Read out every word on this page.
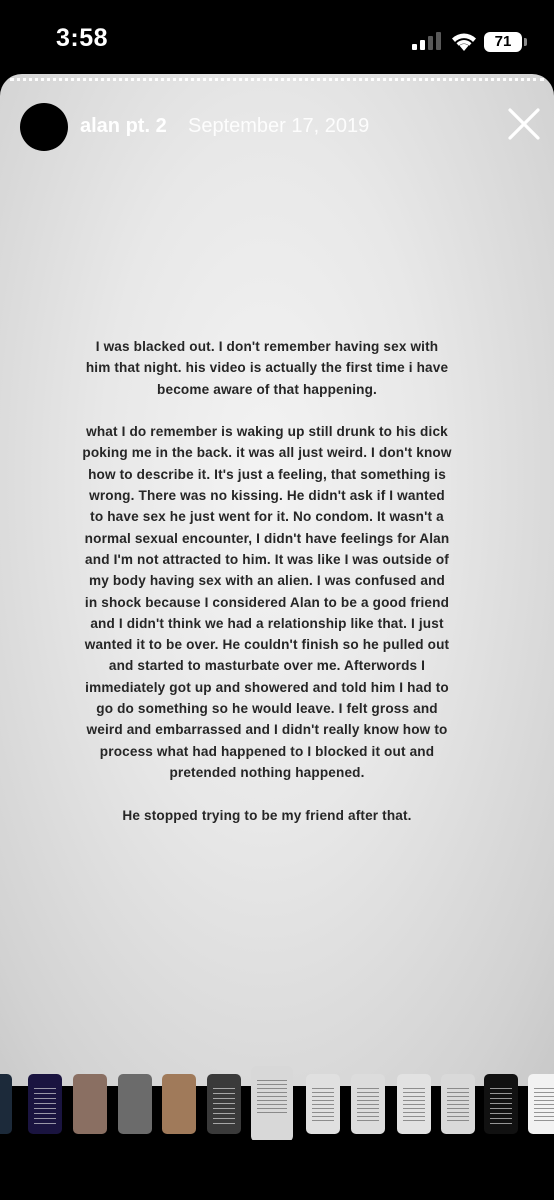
3:58	71
alan pt. 2 September 17, 2019

I was blacked out. I don't remember having sex with him that night. his video is actually the first time i have become aware of that happening.

what I do remember is waking up still drunk to his dick poking me in the back. it was all just weird. I don't know how to describe it. It's just a feeling, that something is wrong. There was no kissing. He didn't ask if I wanted to have sex he just went for it. No condom. It wasn't a normal sexual encounter, I didn't have feelings for Alan and I'm not attracted to him. It was like I was outside of my body having sex with an alien. I was confused and in shock because I considered Alan to be a good friend and I didn't think we had a relationship like that. I just wanted it to be over. He couldn't finish so he pulled out and started to masturbate over me. Afterwords I immediately got up and showered and told him I had to go do something so he would leave. I felt gross and weird and embarrassed and I didn't really know how to process what had happened to I blocked it out and pretended nothing happened.

He stopped trying to be my friend after that.
